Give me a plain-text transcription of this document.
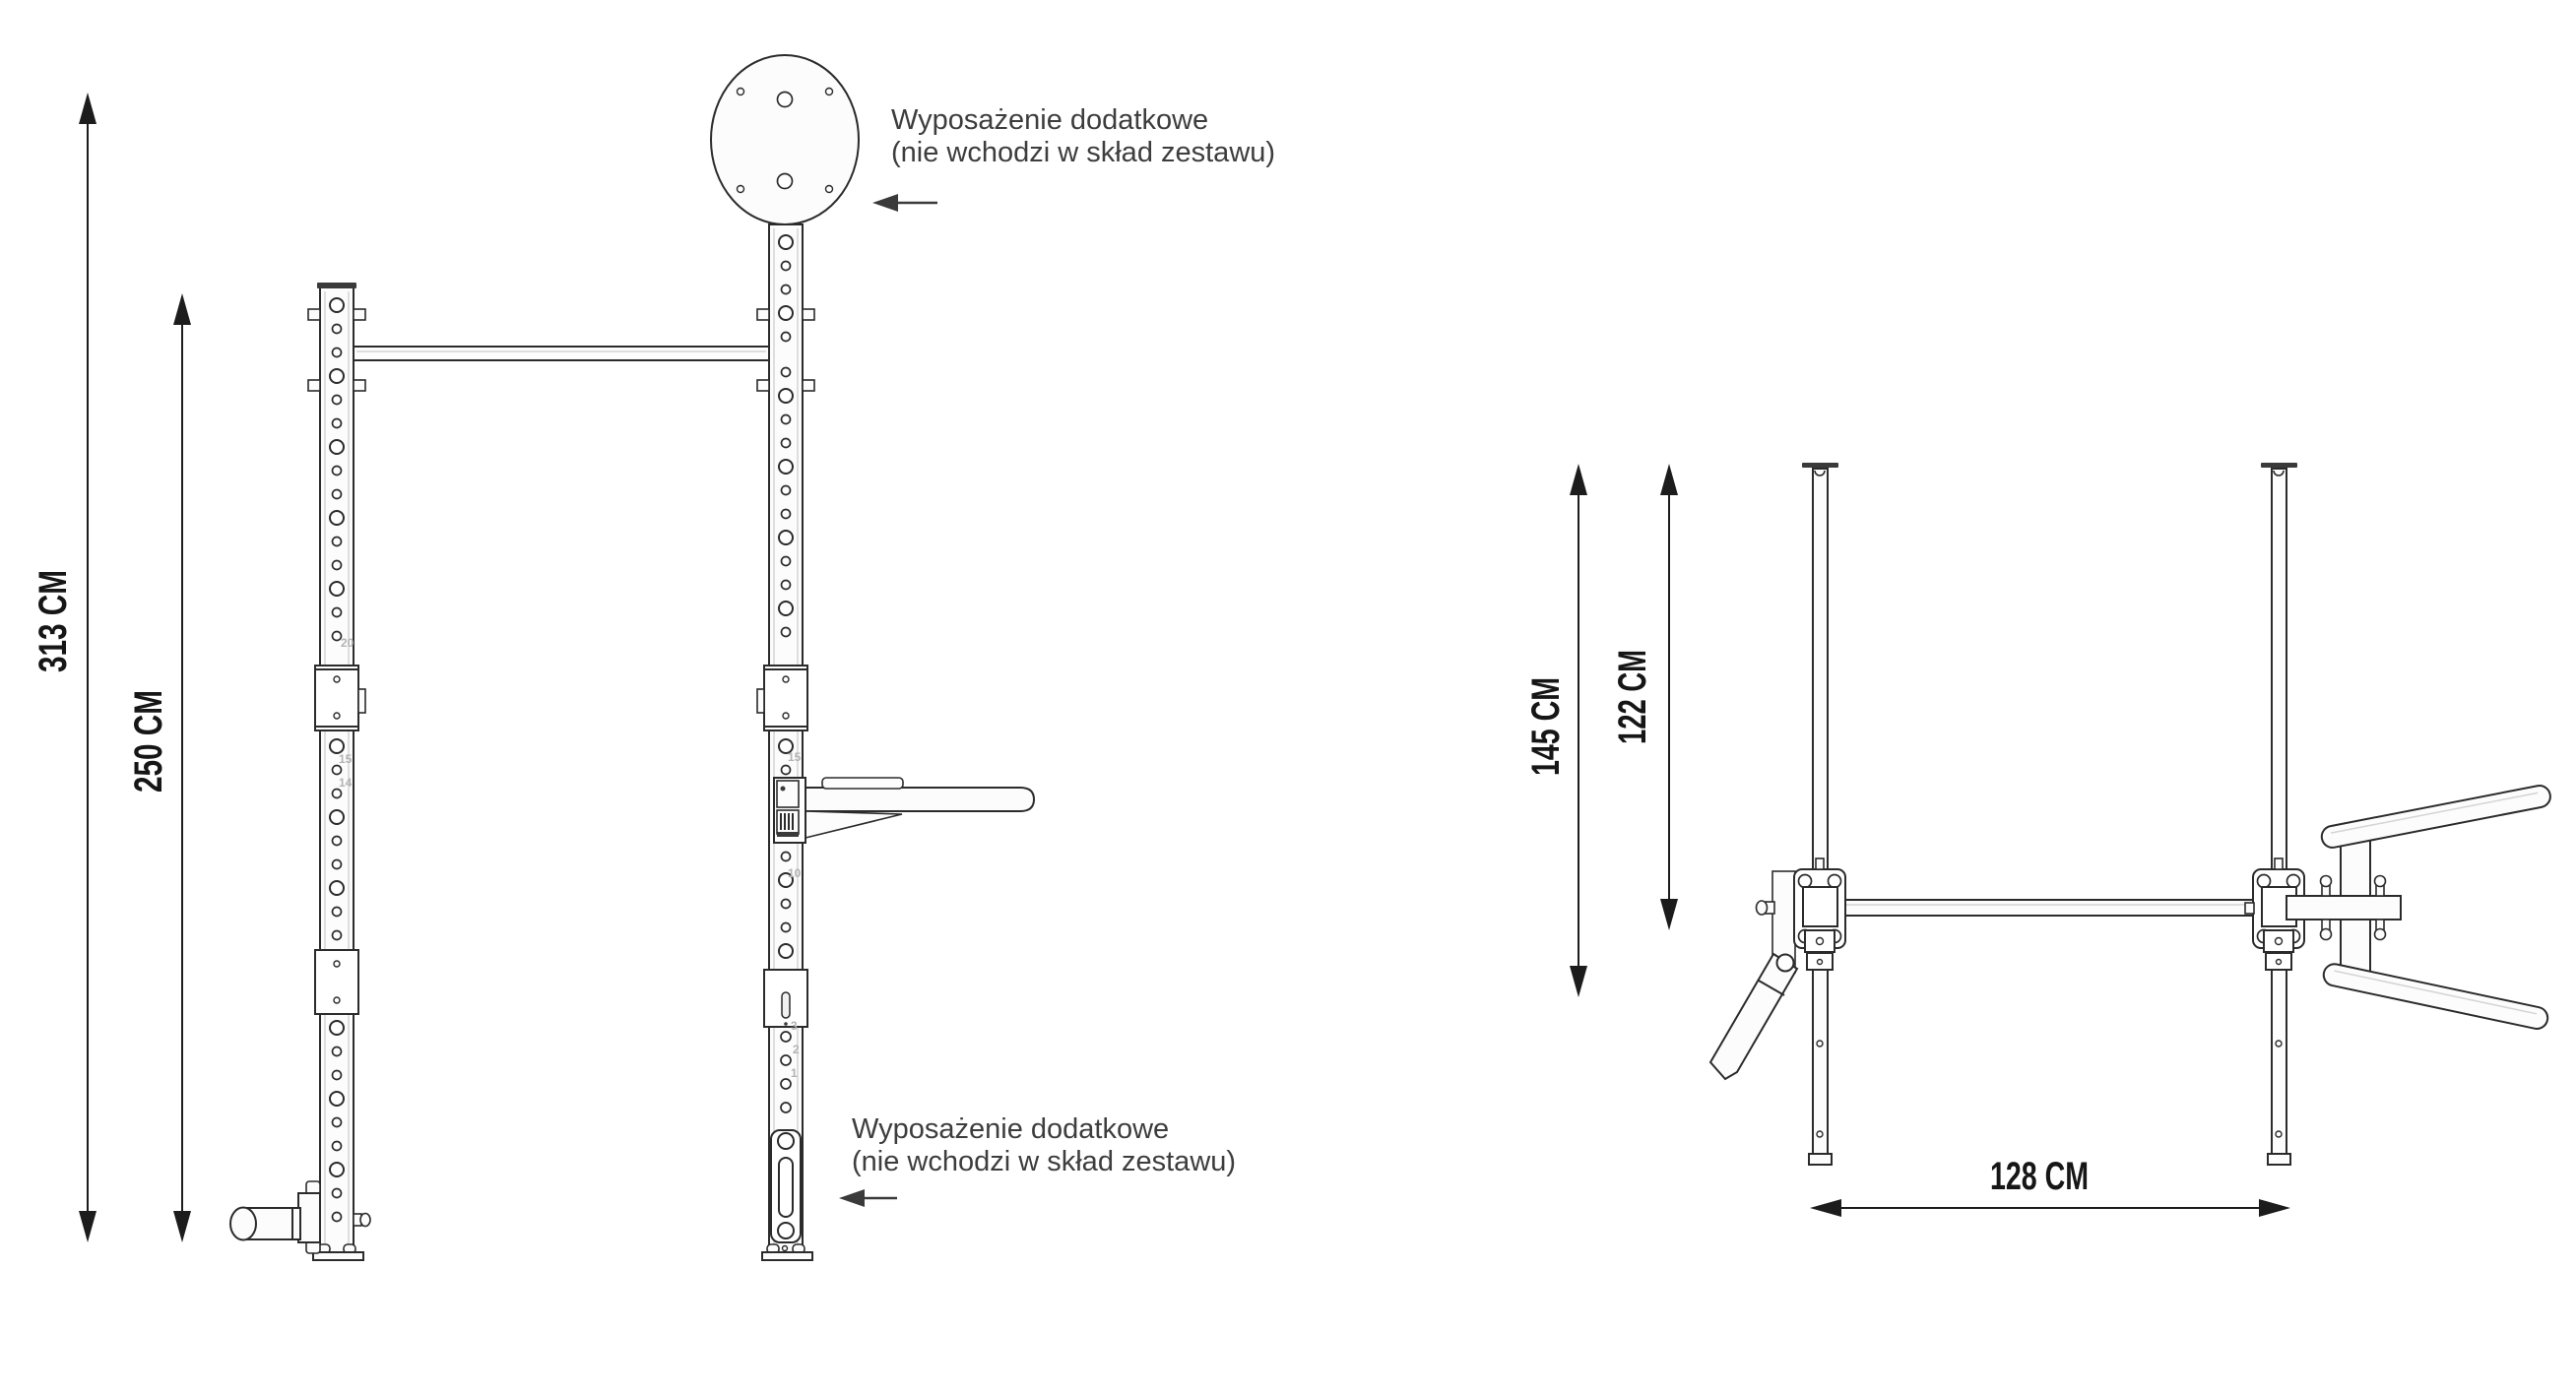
313 CM
250 CM
20
15
14
15
10
3
2
1
Wyposażenie dodatkowe
(nie wchodzi w skład zestawu)
Wyposażenie dodatkowe
(nie wchodzi w skład zestawu)
145 CM 122 CM
128 CM
